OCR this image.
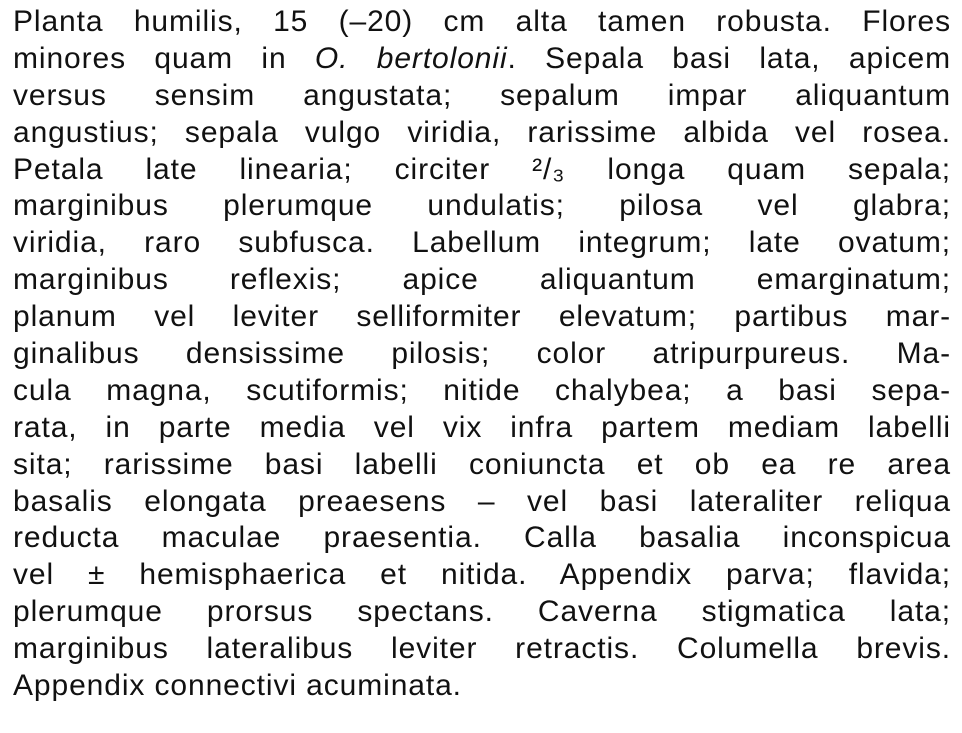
Planta humilis, 15 (–20) cm alta tamen robusta. Flores
minores quam in O. bertolonii. Sepala basi lata, apicem
versus sensim angustata; sepalum impar aliquantum
angustius; sepala vulgo viridia, rarissime albida vel rosea.
Petala late linearia; circiter ²/₃ longa quam sepala;
marginibus plerumque undulatis; pilosa vel glabra;
viridia, raro subfusca. Labellum integrum; late ovatum;
marginibus reflexis; apice aliquantum emarginatum;
planum vel leviter selliformiter elevatum; partibus mar-
ginalibus densissime pilosis; color atripurpureus. Ma-
cula magna, scutiformis; nitide chalybea; a basi sepa-
rata, in parte media vel vix infra partem mediam labelli
sita; rarissime basi labelli coniuncta et ob ea re area
basalis elongata preaesens – vel basi lateraliter reliqua
reducta maculae praesentia. Calla basalia inconspicua
vel ± hemisphaerica et nitida. Appendix parva; flavida;
plerumque prorsus spectans. Caverna stigmatica lata;
marginibus lateralibus leviter retractis. Columella brevis.
Appendix connectivi acuminata.
